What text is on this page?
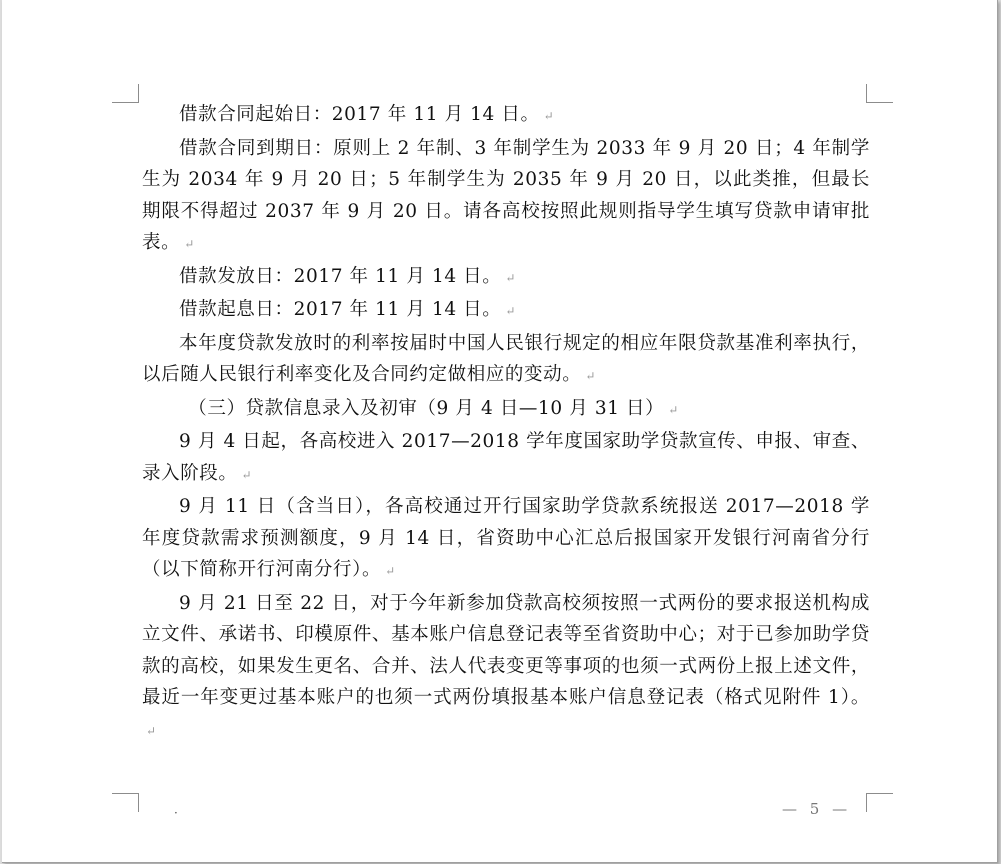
借款合同起始日：2017 年 11 月 14 日。 ↵

借款合同到期日：原则上 2 年制、3 年制学生为 2033 年 9 月 20 日；4 年制学生为 2034 年 9 月 20 日；5 年制学生为 2035 年 9 月 20 日，以此类推，但最长期限不得超过 2037 年 9 月 20 日。请各高校按照此规则指导学生填写贷款申请审批表。 ↵

借款发放日：2017 年 11 月 14 日。 ↵

借款起息日：2017 年 11 月 14 日。 ↵

本年度贷款发放时的利率按届时中国人民银行规定的相应年限贷款基准利率执行，以后随人民银行利率变化及合同约定做相应的变动。 ↵

（三）贷款信息录入及初审（9 月 4 日—10 月 31 日） ↵

9 月 4 日起，各高校进入 2017—2018 学年度国家助学贷款宣传、申报、审查、录入阶段。 ↵

9 月 11 日（含当日），各高校通过开行国家助学贷款系统报送 2017—2018 学年度贷款需求预测额度，9 月 14 日，省资助中心汇总后报国家开发银行河南省分行（以下简称开行河南分行）。 ↵

9 月 21 日至 22 日，对于今年新参加贷款高校须按照一式两份的要求报送机构成立文件、承诺书、印模原件、基本账户信息登记表等至省资助中心；对于已参加助学贷款的高校，如果发生更名、合并、法人代表变更等事项的也须一式两份上报上述文件，最近一年变更过基本账户的也须一式两份填报基本账户信息登记表（格式见附件 1）。↵

·	— 5 —
